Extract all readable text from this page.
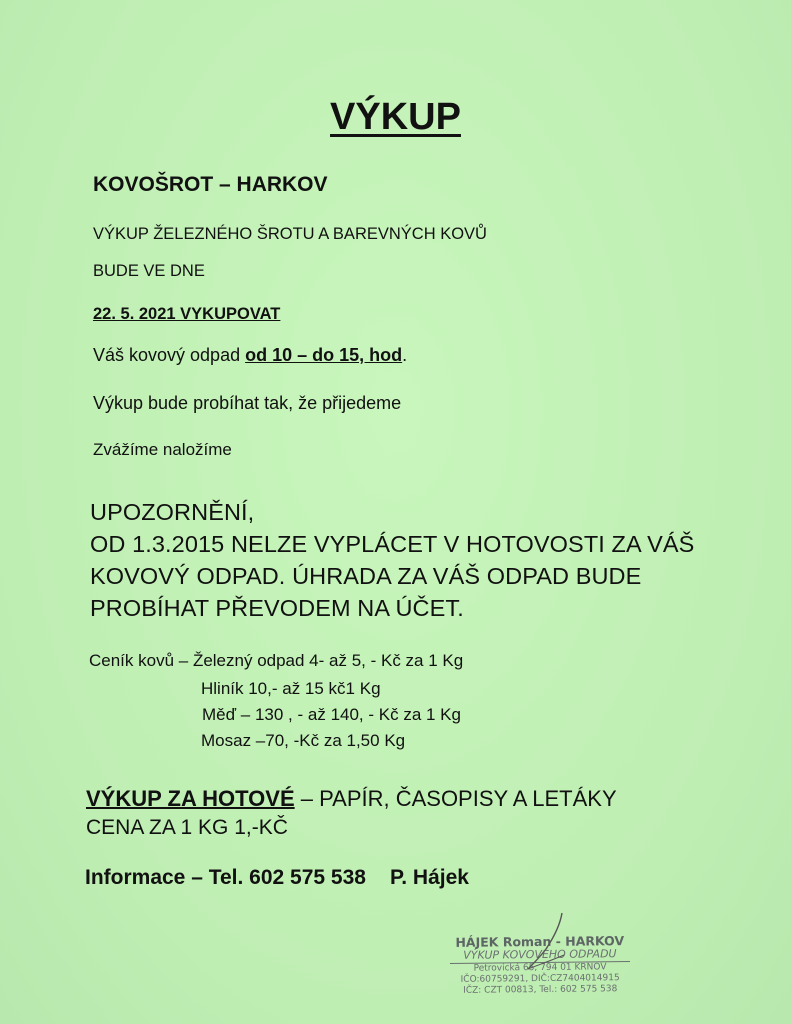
VÝKUP
KOVOŠROT – HARKOV
VÝKUP ŽELEZNÉHO ŠROTU A BAREVNÝCH KOVŮ
BUDE VE DNE
22. 5. 2021 VYKUPOVAT
Váš kovový odpad od 10 – do 15, hod.
Výkup bude probíhat tak, že přijedeme
Zvážíme naložíme
UPOZORNĚNÍ,
OD 1.3.2015 NELZE VYPLÁCET V HOTOVOSTI ZA VÁŠ
KOVOVÝ ODPAD. ÚHRADA ZA VÁŠ ODPAD BUDE
PROBÍHAT PŘEVODEM NA ÚČET.
Ceník kovů – Železný odpad 4- až 5, - Kč za 1 Kg
Hliník 10,- až 15 kč1 Kg
Měď – 130 , - až 140, - Kč za 1 Kg
Mosaz –70, -Kč za 1,50 Kg
VÝKUP ZA HOTOVÉ – PAPÍR, ČASOPISY A LETÁKY
CENA ZA 1 KG 1,-KČ
Informace – Tel. 602 575 538 P. Hájek
HÁJEK Roman - HARKOV
VÝKUP KOVOVÉHO ODPADU
Petrovická 65, 794 01 KRNOV
IČO:60759291, DIČ:CZ7404014915
IČZ: CZT 00813, Tel.: 602 575 538
